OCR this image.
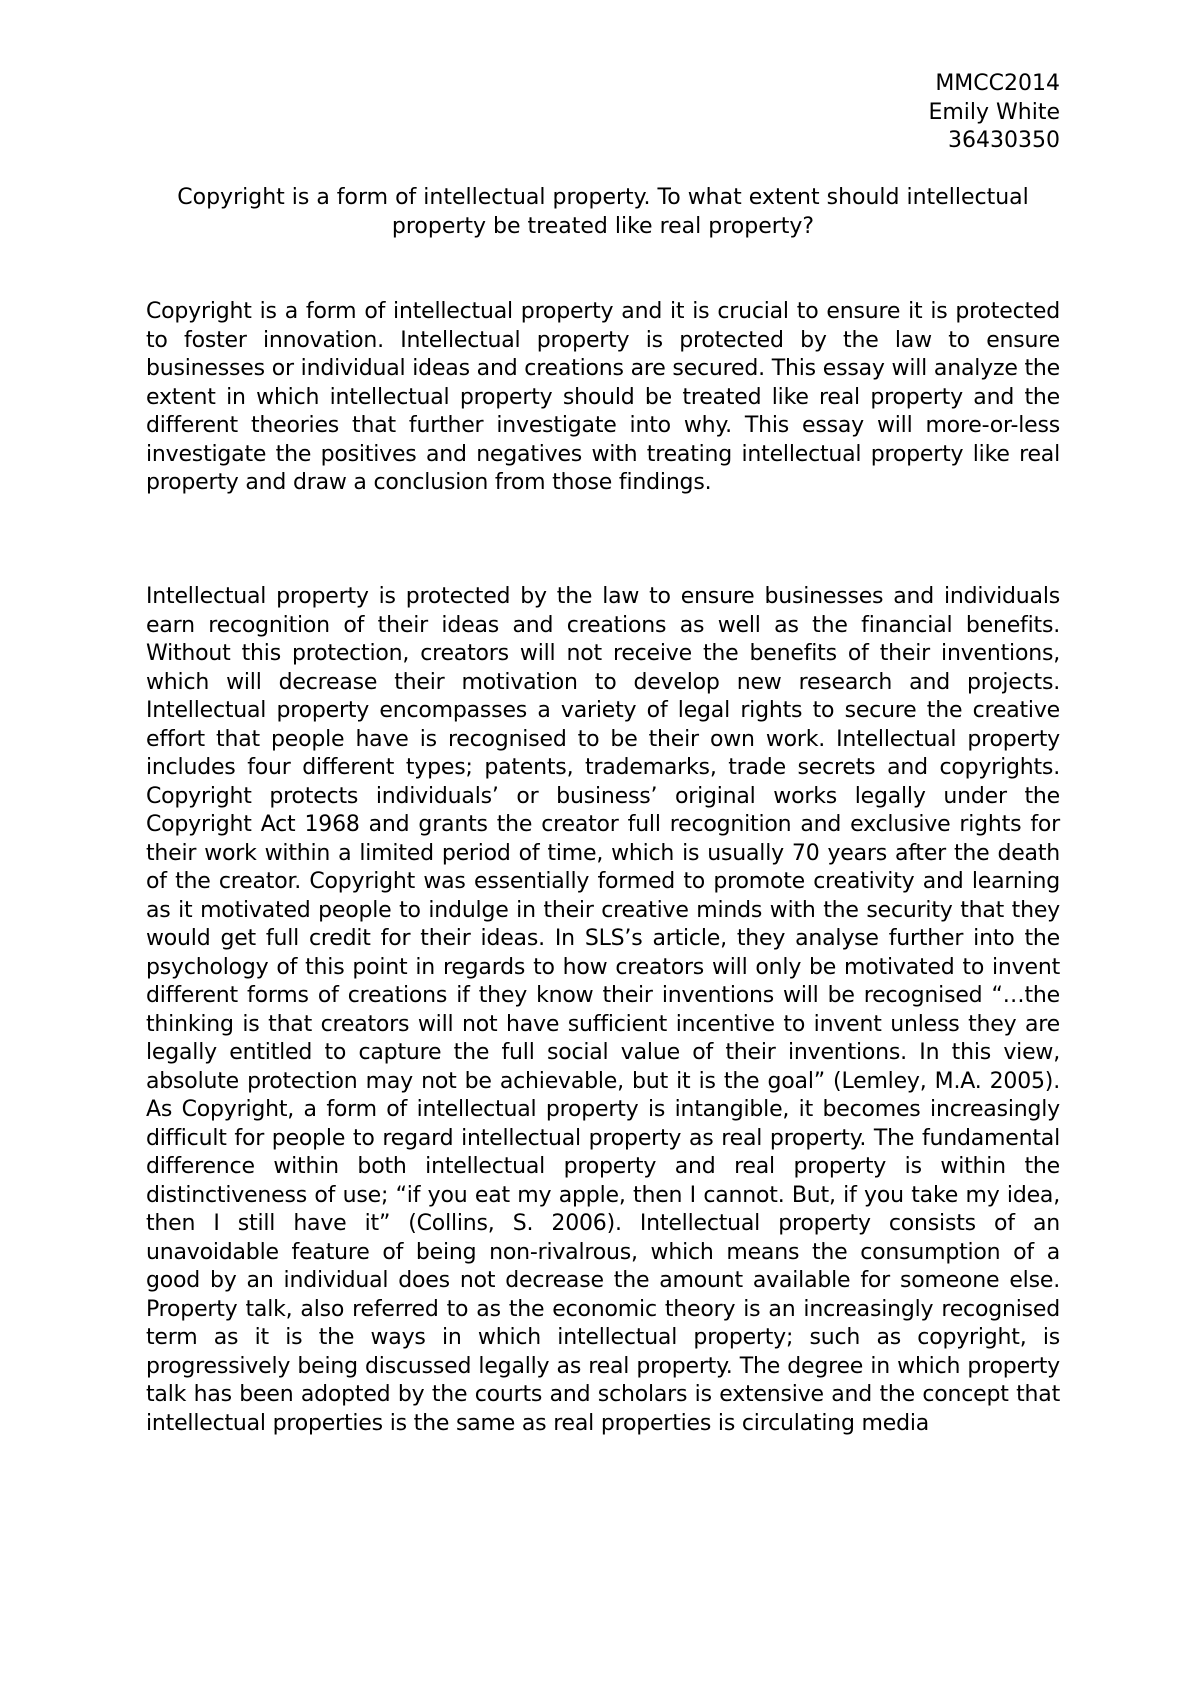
MMCC2014
Emily White
36430350
Copyright is a form of intellectual property. To what extent should intellectual property be treated like real property?

Copyright is a form of intellectual property and it is crucial to ensure it is protected to foster innovation. Intellectual property is protected by the law to ensure businesses or individual ideas and creations are secured. This essay will analyze the extent in which intellectual property should be treated like real property and the different theories that further investigate into why. This essay will more-or-less investigate the positives and negatives with treating intellectual property like real property and draw a conclusion from those findings.

Intellectual property is protected by the law to ensure businesses and individuals earn recognition of their ideas and creations as well as the financial benefits. Without this protection, creators will not receive the benefits of their inventions, which will decrease their motivation to develop new research and projects. Intellectual property encompasses a variety of legal rights to secure the creative effort that people have is recognised to be their own work. Intellectual property includes four different types; patents, trademarks, trade secrets and copyrights. Copyright protects individuals’ or business’ original works legally under the Copyright Act 1968 and grants the creator full recognition and exclusive rights for their work within a limited period of time, which is usually 70 years after the death of the creator. Copyright was essentially formed to promote creativity and learning as it motivated people to indulge in their creative minds with the security that they would get full credit for their ideas. In SLS’s article, they analyse further into the psychology of this point in regards to how creators will only be motivated to invent different forms of creations if they know their inventions will be recognised “…the thinking is that creators will not have sufficient incentive to invent unless they are legally entitled to capture the full social value of their inventions. In this view, absolute protection may not be achievable, but it is the goal” (Lemley, M.A. 2005). As Copyright, a form of intellectual property is intangible, it becomes increasingly difficult for people to regard intellectual property as real property. The fundamental difference within both intellectual property and real property is within the distinctiveness of use; “if you eat my apple, then I cannot. But, if you take my idea, then I still have it” (Collins, S. 2006). Intellectual property consists of an unavoidable feature of being non-rivalrous, which means the consumption of a good by an individual does not decrease the amount available for someone else. Property talk, also referred to as the economic theory is an increasingly recognised term as it is the ways in which intellectual property; such as copyright, is progressively being discussed legally as real property. The degree in which property talk has been adopted by the courts and scholars is extensive and the concept that intellectual properties is the same as real properties is circulating media
